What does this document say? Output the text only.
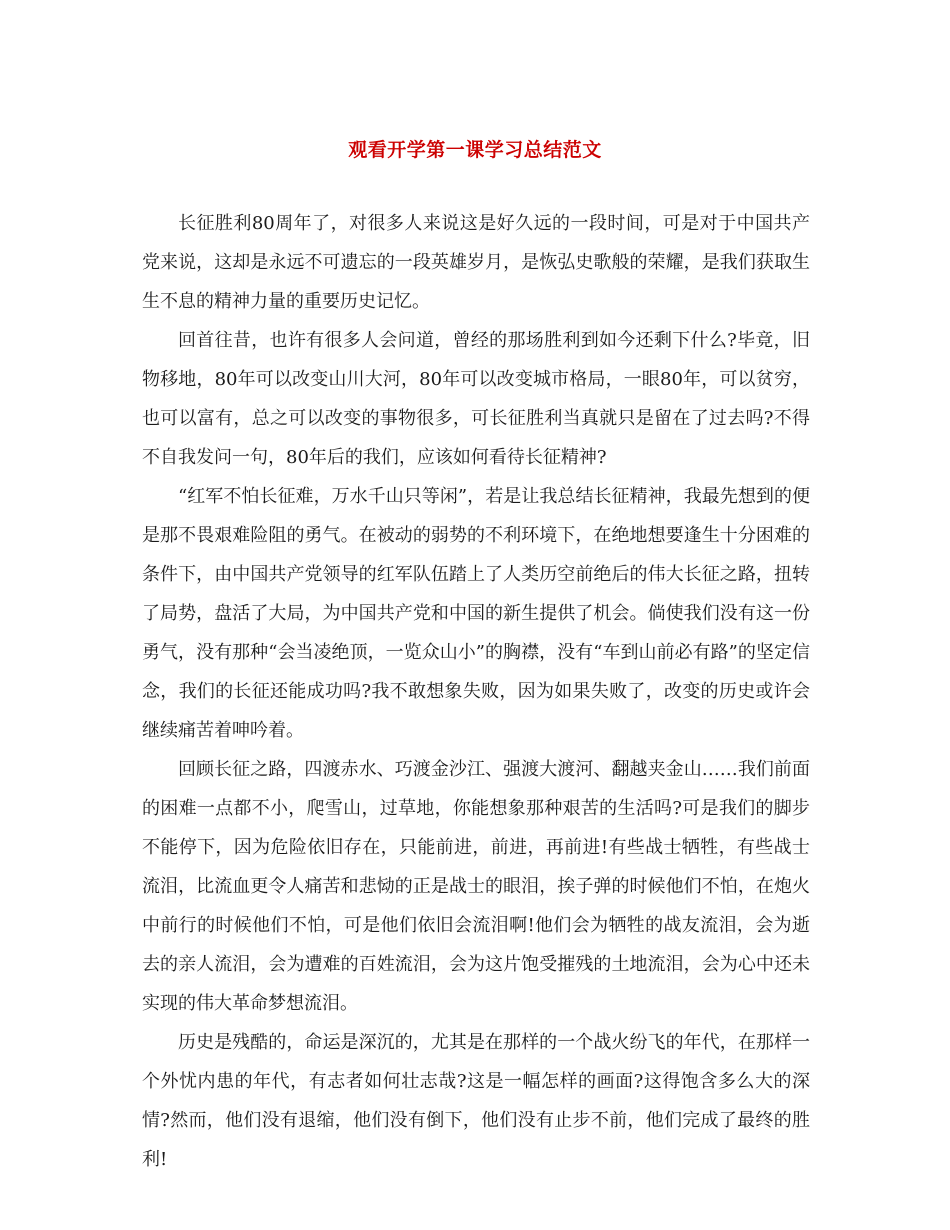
观看开学第一课学习总结范文

长征胜利80周年了，对很多人来说这是好久远的一段时间，可是对于中国共产党来说，这却是永远不可遗忘的一段英雄岁月，是恢弘史歌般的荣耀，是我们获取生生不息的精神力量的重要历史记忆。

回首往昔，也许有很多人会问道，曾经的那场胜利到如今还剩下什么?毕竟，旧物移地，80年可以改变山川大河，80年可以改变城市格局，一眼80年，可以贫穷，也可以富有，总之可以改变的事物很多，可长征胜利当真就只是留在了过去吗?不得不自我发问一句，80年后的我们，应该如何看待长征精神?

“红军不怕长征难，万水千山只等闲”，若是让我总结长征精神，我最先想到的便是那不畏艰难险阻的勇气。在被动的弱势的不利环境下，在绝地想要逢生十分困难的条件下，由中国共产党领导的红军队伍踏上了人类历空前绝后的伟大长征之路，扭转了局势，盘活了大局，为中国共产党和中国的新生提供了机会。倘使我们没有这一份勇气，没有那种“会当凌绝顶，一览众山小”的胸襟，没有“车到山前必有路”的坚定信念，我们的长征还能成功吗?我不敢想象失败，因为如果失败了，改变的历史或许会继续痛苦着呻吟着。

回顾长征之路，四渡赤水、巧渡金沙江、强渡大渡河、翻越夹金山……我们前面的困难一点都不小，爬雪山，过草地，你能想象那种艰苦的生活吗?可是我们的脚步不能停下，因为危险依旧存在，只能前进，前进，再前进!有些战士牺牲，有些战士流泪，比流血更令人痛苦和悲恸的正是战士的眼泪，挨子弹的时候他们不怕，在炮火中前行的时候他们不怕，可是他们依旧会流泪啊!他们会为牺牲的战友流泪，会为逝去的亲人流泪，会为遭难的百姓流泪，会为这片饱受摧残的土地流泪，会为心中还未实现的伟大革命梦想流泪。

历史是残酷的，命运是深沉的，尤其是在那样的一个战火纷飞的年代，在那样一个外忧内患的年代，有志者如何壮志哉?这是一幅怎样的画面?这得饱含多么大的深情?然而，他们没有退缩，他们没有倒下，他们没有止步不前，他们完成了最终的胜利!
